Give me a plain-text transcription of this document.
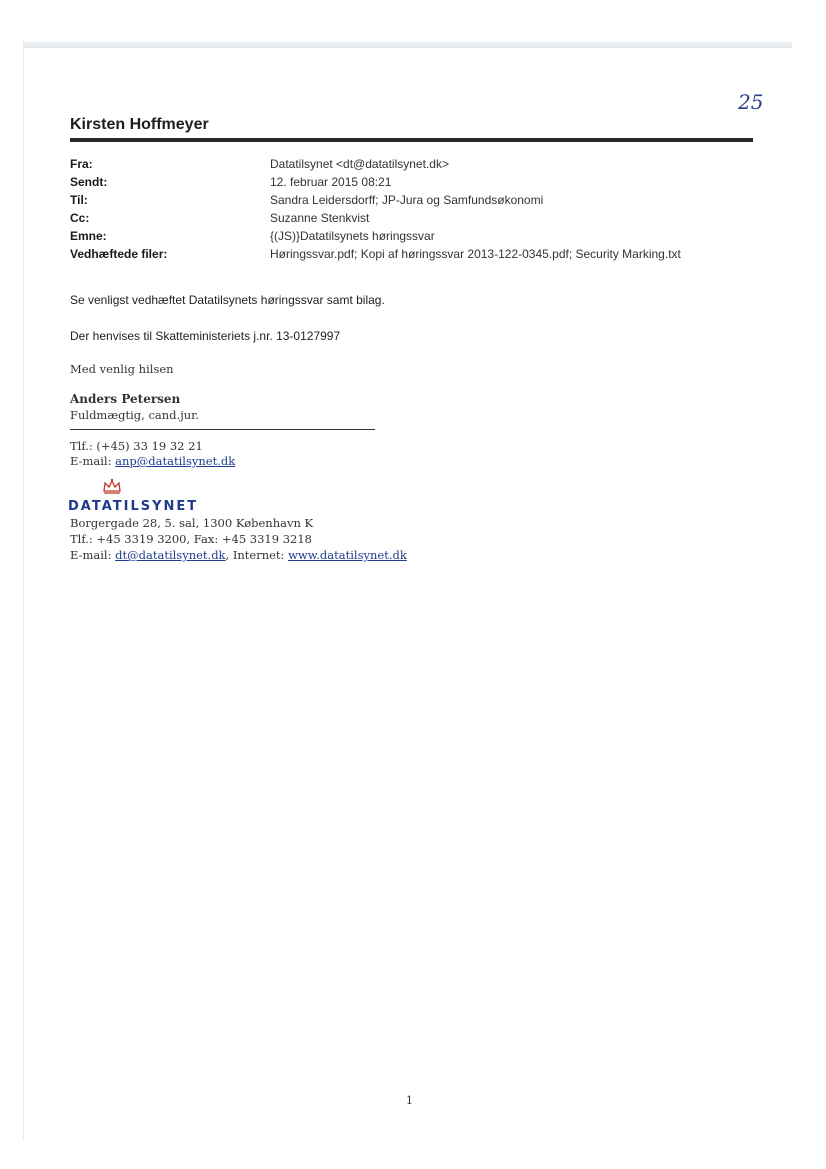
25
Kirsten Hoffmeyer
Fra:	Datatilsynet <dt@datatilsynet.dk>
Sendt:	12. februar 2015 08:21
Til:	Sandra Leidersdorff; JP-Jura og Samfundsøkonomi
Cc:	Suzanne Stenkvist
Emne:	{(JS)}Datatilsynets høringssvar
Vedhæftede filer:	Høringssvar.pdf; Kopi af høringssvar 2013-122-0345.pdf; Security Marking.txt
Se venligst vedhæftet Datatilsynets høringssvar samt bilag.
Der henvises til Skatteministeriets j.nr. 13-0127997
Med venlig hilsen
Anders Petersen
Fuldmægtig, cand.jur.
Tlf.: (+45) 33 19 32 21
E-mail: anp@datatilsynet.dk
DATATILSYNET
Borgergade 28, 5. sal, 1300 København K
Tlf.: +45 3319 3200, Fax: +45 3319 3218
E-mail: dt@datatilsynet.dk, Internet: www.datatilsynet.dk
1
